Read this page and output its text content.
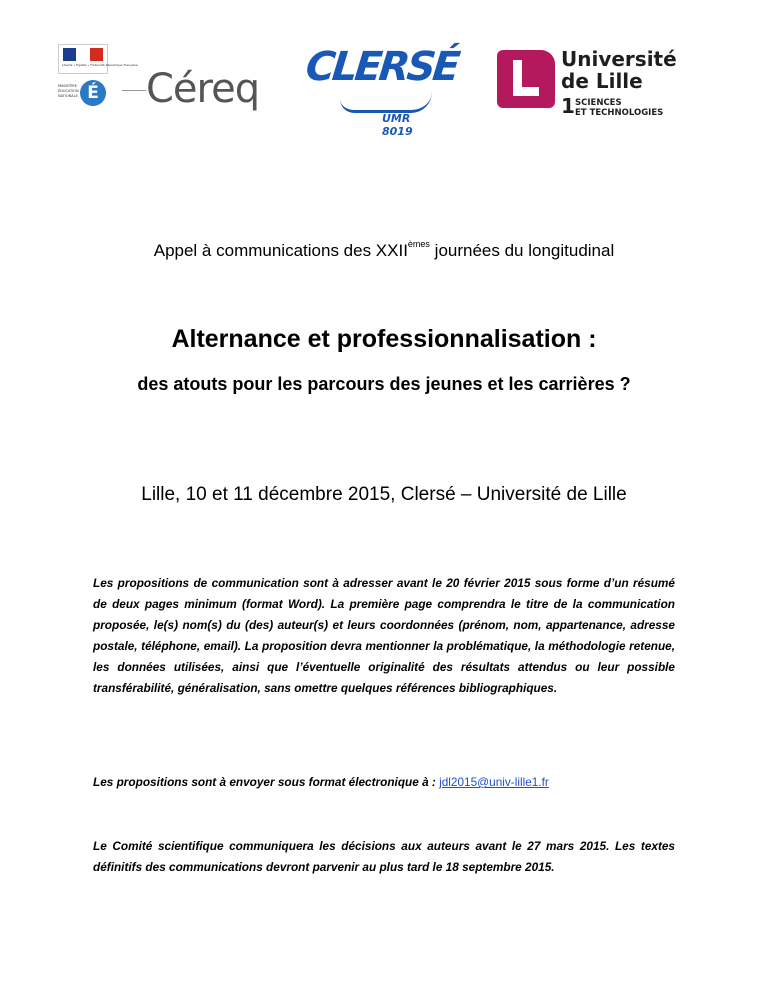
Liberté • Égalité • Fraternité République Française
MINISTÈRE
ÉDUCATION
NATIONALE É Céreq CLERSÉ
UMR 8019
Université
de Lille
1 SCIENCES
ET TECHNOLOGIES
Appel à communications des XXIIèmes journées du longitudinal
Alternance et professionnalisation :
des atouts pour les parcours des jeunes et les carrières ?
Lille, 10 et 11 décembre 2015, Clersé – Université de Lille
Les propositions de communication sont à adresser avant le 20 février 2015 sous forme d’un résumé de deux pages minimum (format Word). La première page comprendra le titre de la communication proposée, le(s) nom(s) du (des) auteur(s) et leurs coordonnées (prénom, nom, appartenance, adresse postale, téléphone, email). La proposition devra mentionner la problématique, la méthodologie retenue, les données utilisées, ainsi que l’éventuelle originalité des résultats attendus ou leur possible transférabilité, généralisation, sans omettre quelques références bibliographiques.
Les propositions sont à envoyer sous format électronique à : jdl2015@univ-lille1.fr
Le Comité scientifique communiquera les décisions aux auteurs avant le 27 mars 2015. Les textes définitifs des communications devront parvenir au plus tard le 18 septembre 2015.
